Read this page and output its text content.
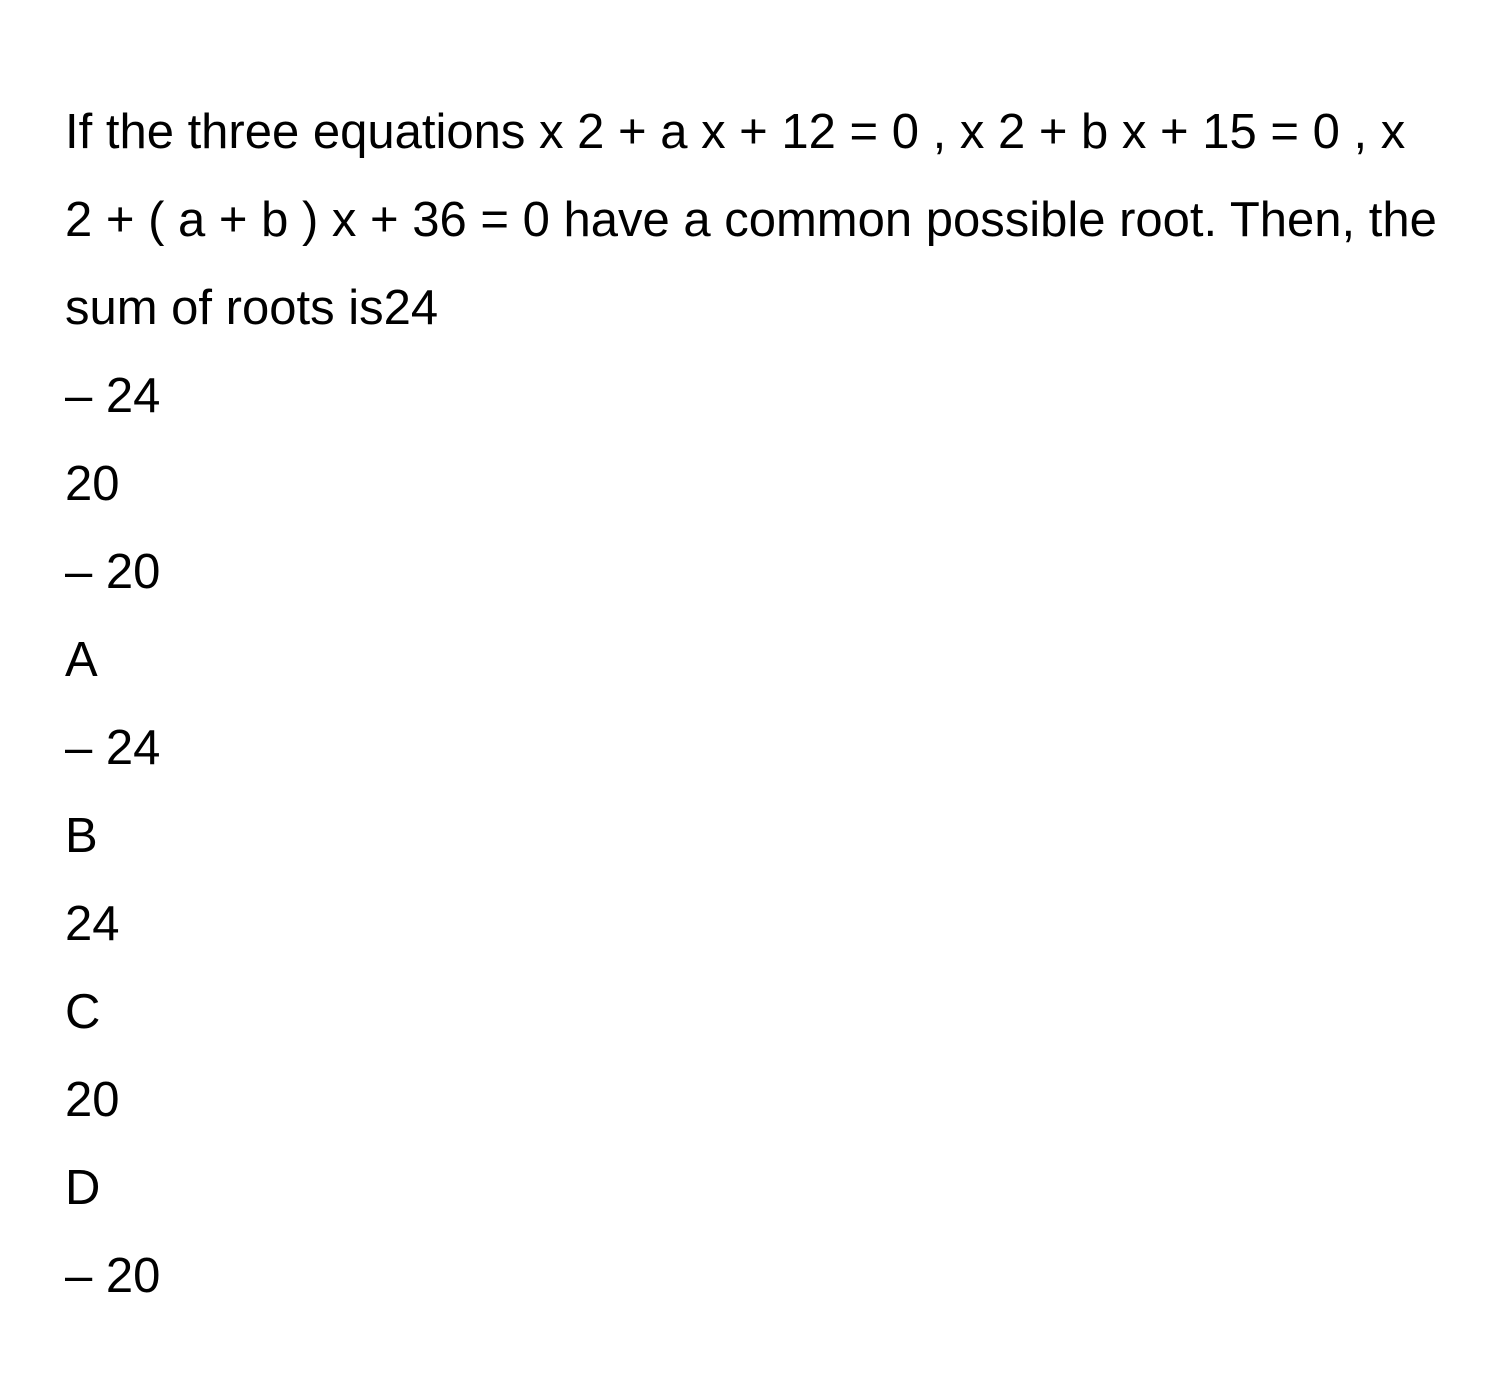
If the three equations x 2 + a x + 12 = 0 , x 2 + b x + 15 = 0 , x 2 + ( a + b ) x + 36 = 0 have a common possible root. Then, the sum of roots is24

– 24
20
– 20
A
– 24
B
24
C
20
D
– 20
